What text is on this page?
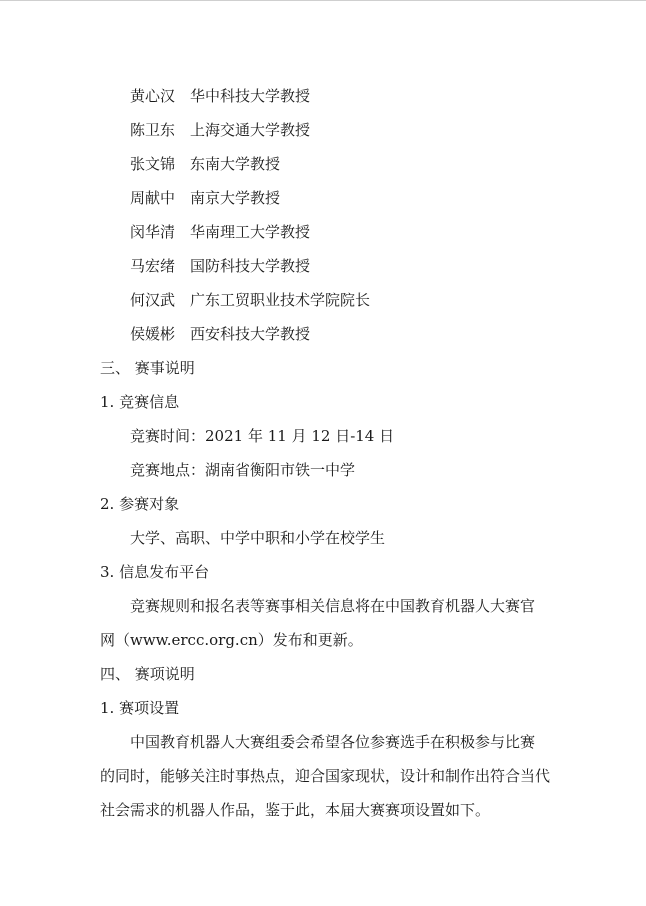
黄心汉 华中科技大学教授
陈卫东 上海交通大学教授
张文锦 东南大学教授
周献中 南京大学教授
闵华清 华南理工大学教授
马宏绪 国防科技大学教授
何汉武 广东工贸职业技术学院院长
侯媛彬 西安科技大学教授
三、 赛事说明
1. 竞赛信息
竞赛时间：2021 年 11 月 12 日-14 日
竞赛地点：湖南省衡阳市铁一中学
2. 参赛对象
大学、高职、中学中职和小学在校学生
3. 信息发布平台
竞赛规则和报名表等赛事相关信息将在中国教育机器人大赛官
网（www.ercc.org.cn）发布和更新。
四、 赛项说明
1. 赛项设置
中国教育机器人大赛组委会希望各位参赛选手在积极参与比赛
的同时，能够关注时事热点，迎合国家现状，设计和制作出符合当代
社会需求的机器人作品，鉴于此，本届大赛赛项设置如下。
